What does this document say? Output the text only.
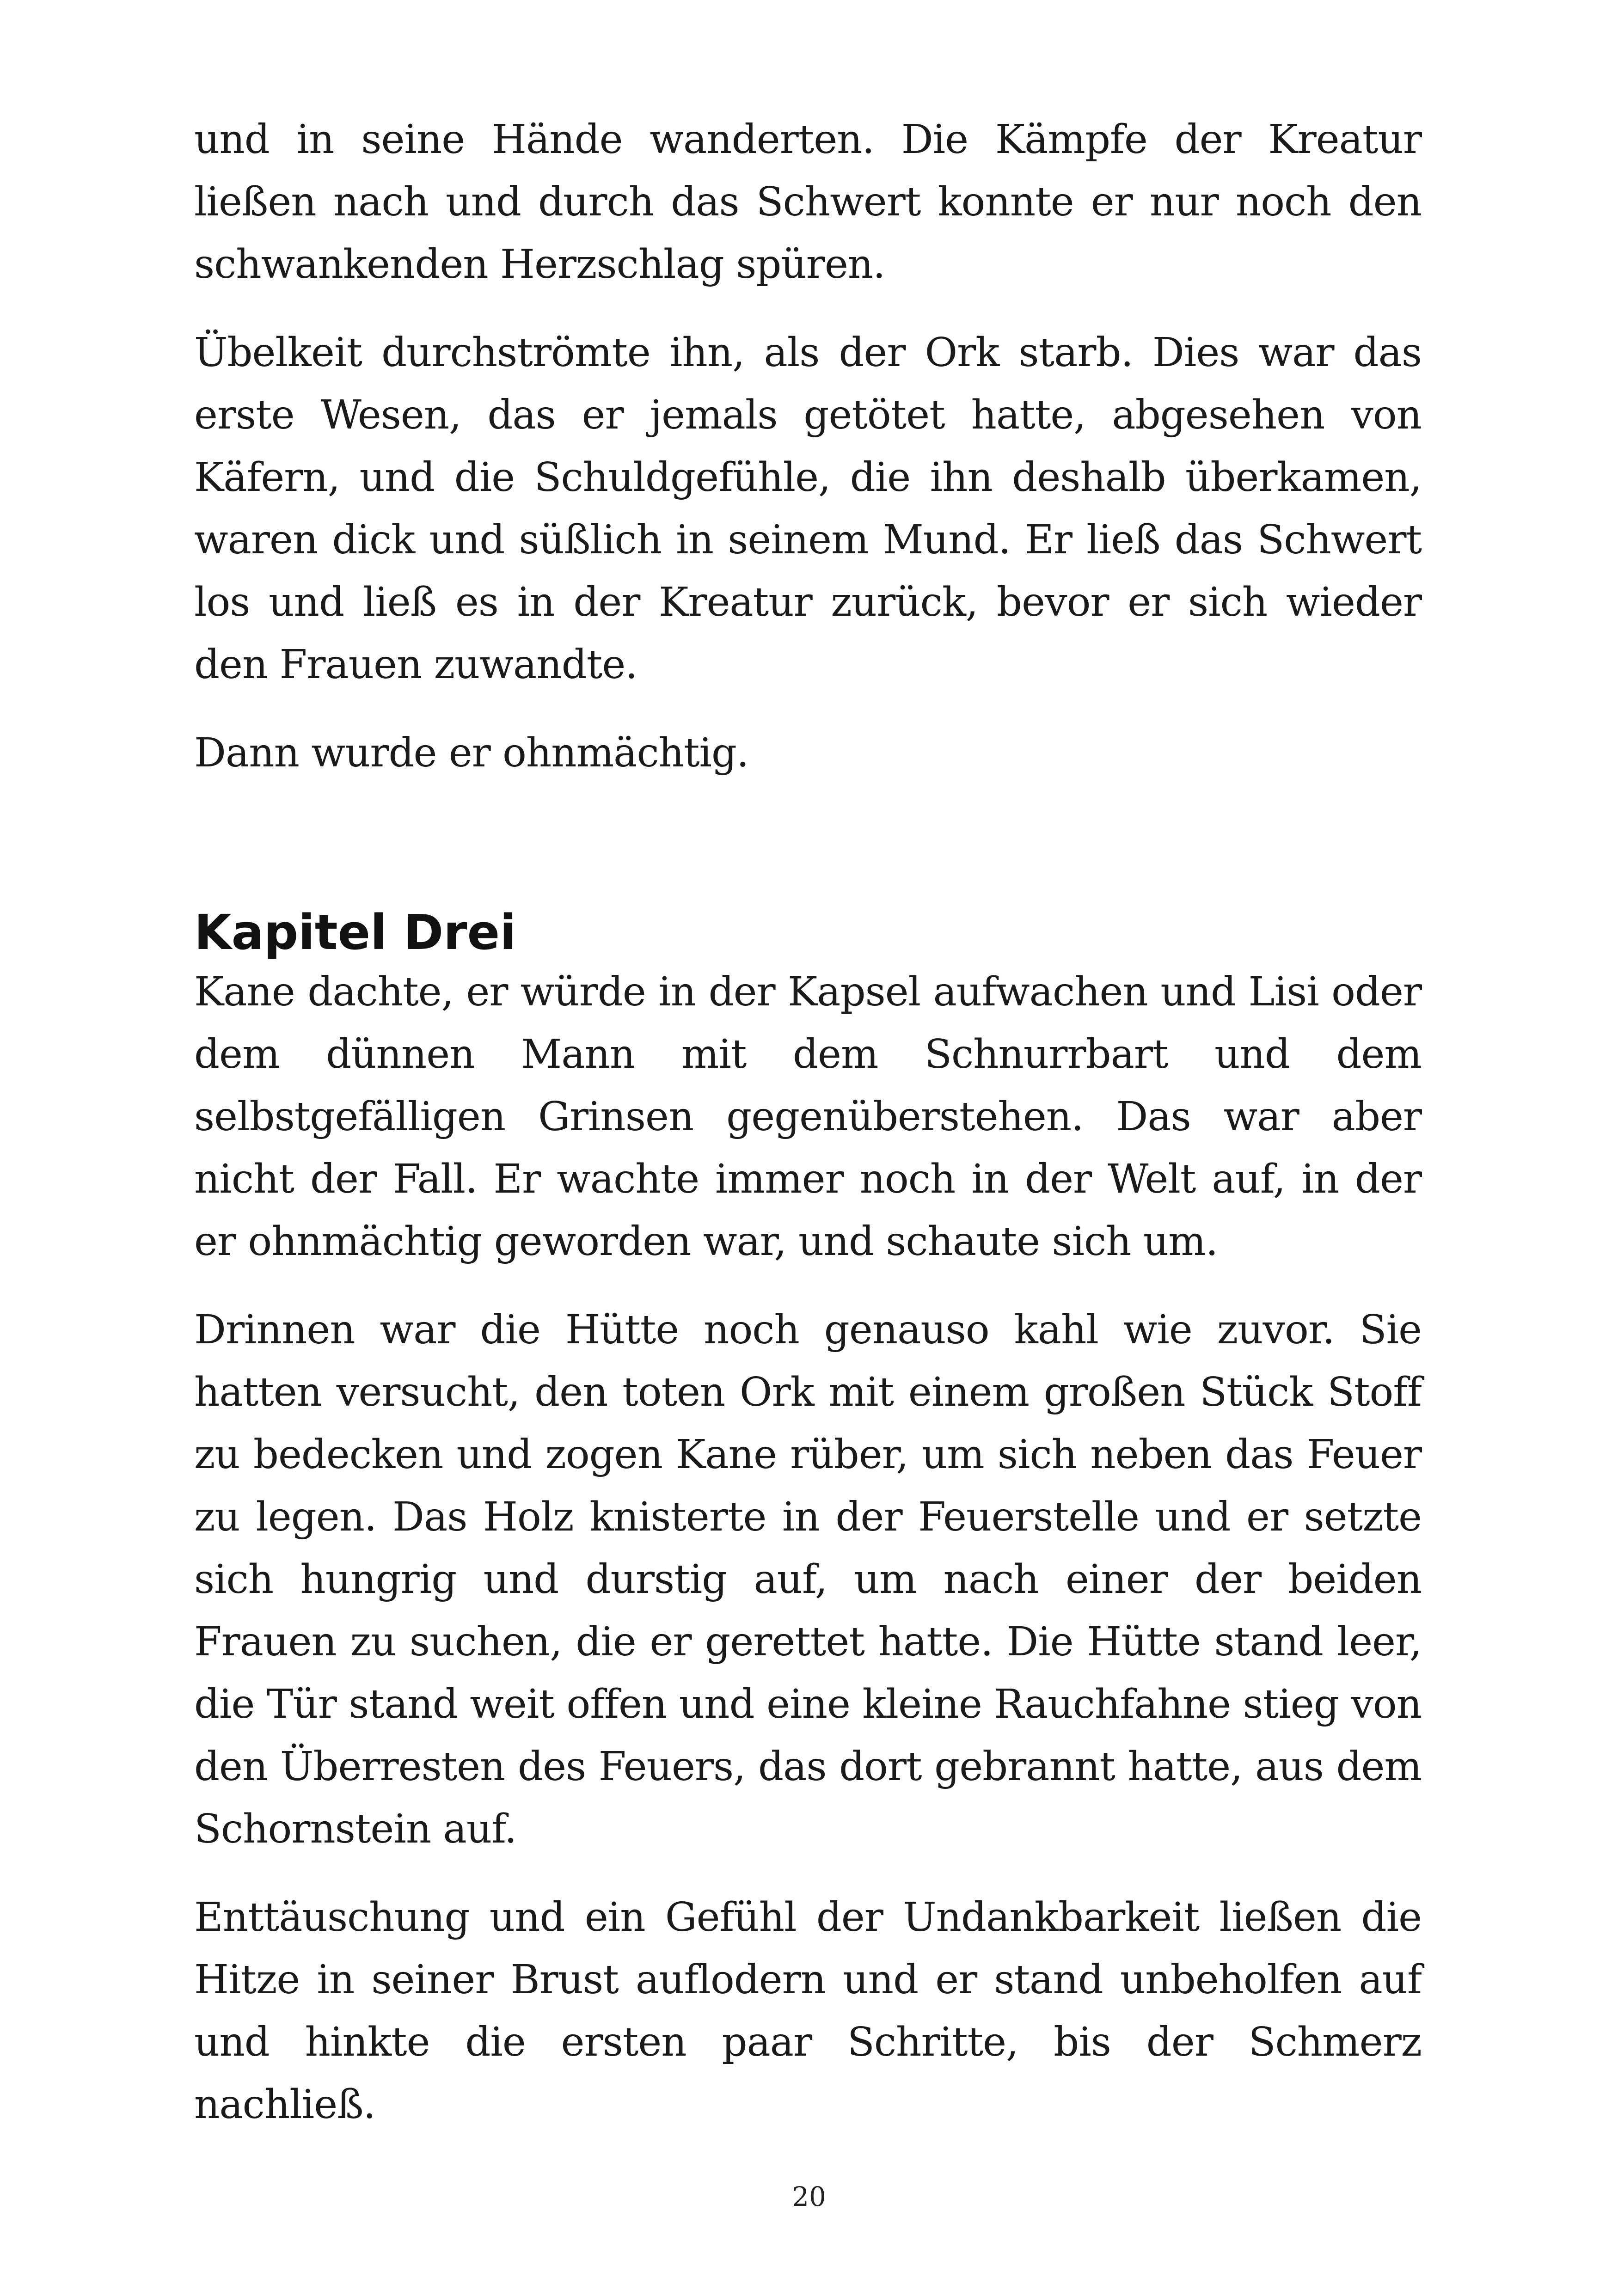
und in seine Hände wanderten. Die Kämpfe der Kreatur ließen nach und durch das Schwert konnte er nur noch den schwankenden Herzschlag spüren.

Übelkeit durchströmte ihn, als der Ork starb. Dies war das erste Wesen, das er jemals getötet hatte, abgesehen von Käfern, und die Schuldgefühle, die ihn deshalb überkamen, waren dick und süßlich in seinem Mund. Er ließ das Schwert los und ließ es in der Kreatur zurück, bevor er sich wieder den Frauen zuwandte.

Dann wurde er ohnmächtig.

Kapitel Drei

Kane dachte, er würde in der Kapsel aufwachen und Lisi oder dem dünnen Mann mit dem Schnurrbart und dem selbstgefälligen Grinsen gegenüberstehen. Das war aber nicht der Fall. Er wachte immer noch in der Welt auf, in der er ohnmächtig geworden war, und schaute sich um.

Drinnen war die Hütte noch genauso kahl wie zuvor. Sie hatten versucht, den toten Ork mit einem großen Stück Stoff zu bedecken und zogen Kane rüber, um sich neben das Feuer zu legen. Das Holz knisterte in der Feuerstelle und er setzte sich hungrig und durstig auf, um nach einer der beiden Frauen zu suchen, die er gerettet hatte. Die Hütte stand leer, die Tür stand weit offen und eine kleine Rauchfahne stieg von den Überresten des Feuers, das dort gebrannt hatte, aus dem Schornstein auf.

Enttäuschung und ein Gefühl der Undankbarkeit ließen die Hitze in seiner Brust auflodern und er stand unbeholfen auf und hinkte die ersten paar Schritte, bis der Schmerz nachließ.

20
